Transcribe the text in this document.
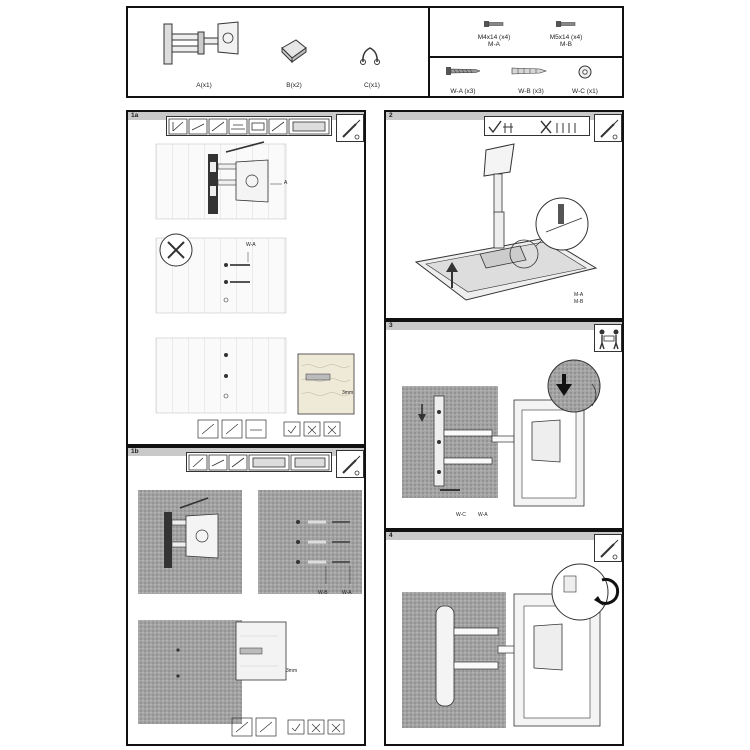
A(x1)	B(x2)	C(x1)
M4x14 (x4)
M-A
M5x14 (x4)
M-B
W-A (x3)	W-B (x3)	W-C (x1)
1a
A
W-A
3mm
1b
W-B	W-A
3mm
2
M-A
M-B
3
W-C W-A
4
